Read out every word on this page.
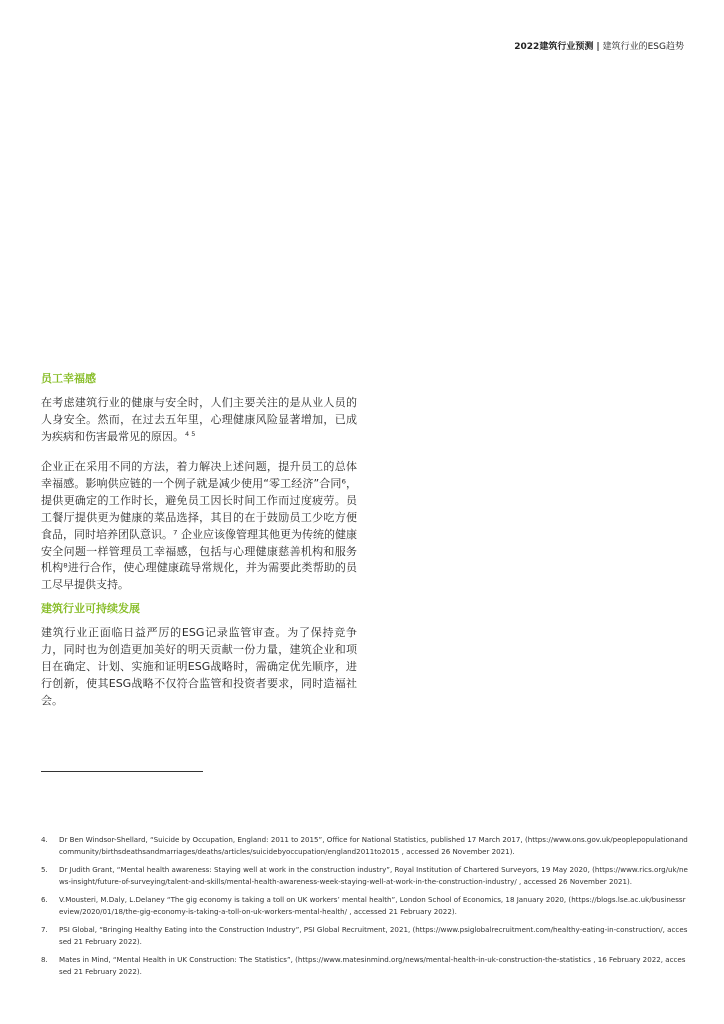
2022建筑行业预测 | 建筑行业的ESG趋势
员工幸福感

在考虑建筑行业的健康与安全时，人们主要关注的是从业人员的人身安全。然而，在过去五年里，心理健康风险显著增加，已成为疾病和伤害最常见的原因。$^{4 5}$

企业正在采用不同的方法，着力解决上述问题，提升员工的总体幸福感。影响供应链的一个例子就是减少使用“零工经济”合同⁶，提供更确定的工作时长，避免员工因长时间工作而过度疲劳。员工餐厅提供更为健康的菜品选择，其目的在于鼓励员工少吃方便食品，同时培养团队意识。⁷ 企业应该像管理其他更为传统的健康安全问题一样管理员工幸福感，包括与心理健康慈善机构和服务机构⁸进行合作，使心理健康疏导常规化，并为需要此类帮助的员工尽早提供支持。

建筑行业可持续发展

建筑行业正面临日益严厉的ESG记录监管审查。为了保持竞争力，同时也为创造更加美好的明天贡献一份力量，建筑企业和项目在确定、计划、实施和证明ESG战略时，需确定优先顺序，进行创新，使其ESG战略不仅符合监管和投资者要求，同时造福社会。

4.	Dr Ben Windsor-Shellard, “Suicide by Occupation, England: 2011 to 2015”, Office for National Statistics, published 17 March 2017, (https://www.ons.gov.uk/peoplepopulationandcommunity/birthsdeathsandmarriages/deaths/articles/suicidebyoccupation/england2011to2015 , accessed 26 November 2021).
5.	Dr Judith Grant, “Mental health awareness: Staying well at work in the construction industry”, Royal Institution of Chartered Surveyors, 19 May 2020, (https://www.rics.org/uk/news-insight/future-of-surveying/talent-and-skills/mental-health-awareness-week-staying-well-at-work-in-the-construction-industry/ , accessed 26 November 2021).
6.	V.Mousteri, M.Daly, L.Delaney “The gig economy is taking a toll on UK workers’ mental health”, London School of Economics, 18 January 2020, (https://blogs.lse.ac.uk/businessreview/2020/01/18/the-gig-economy-is-taking-a-toll-on-uk-workers-mental-health/ , accessed 21 February 2022).
7.	PSI Global, “Bringing Healthy Eating into the Construction Industry”, PSI Global Recruitment, 2021, (https://www.psiglobalrecruitment.com/healthy-eating-in-construction/, accessed 21 February 2022).
8.	Mates in Mind, “Mental Health in UK Construction: The Statistics”, (https://www.matesinmind.org/news/mental-health-in-uk-construction-the-statistics , 16 February 2022, accessed 21 February 2022).
